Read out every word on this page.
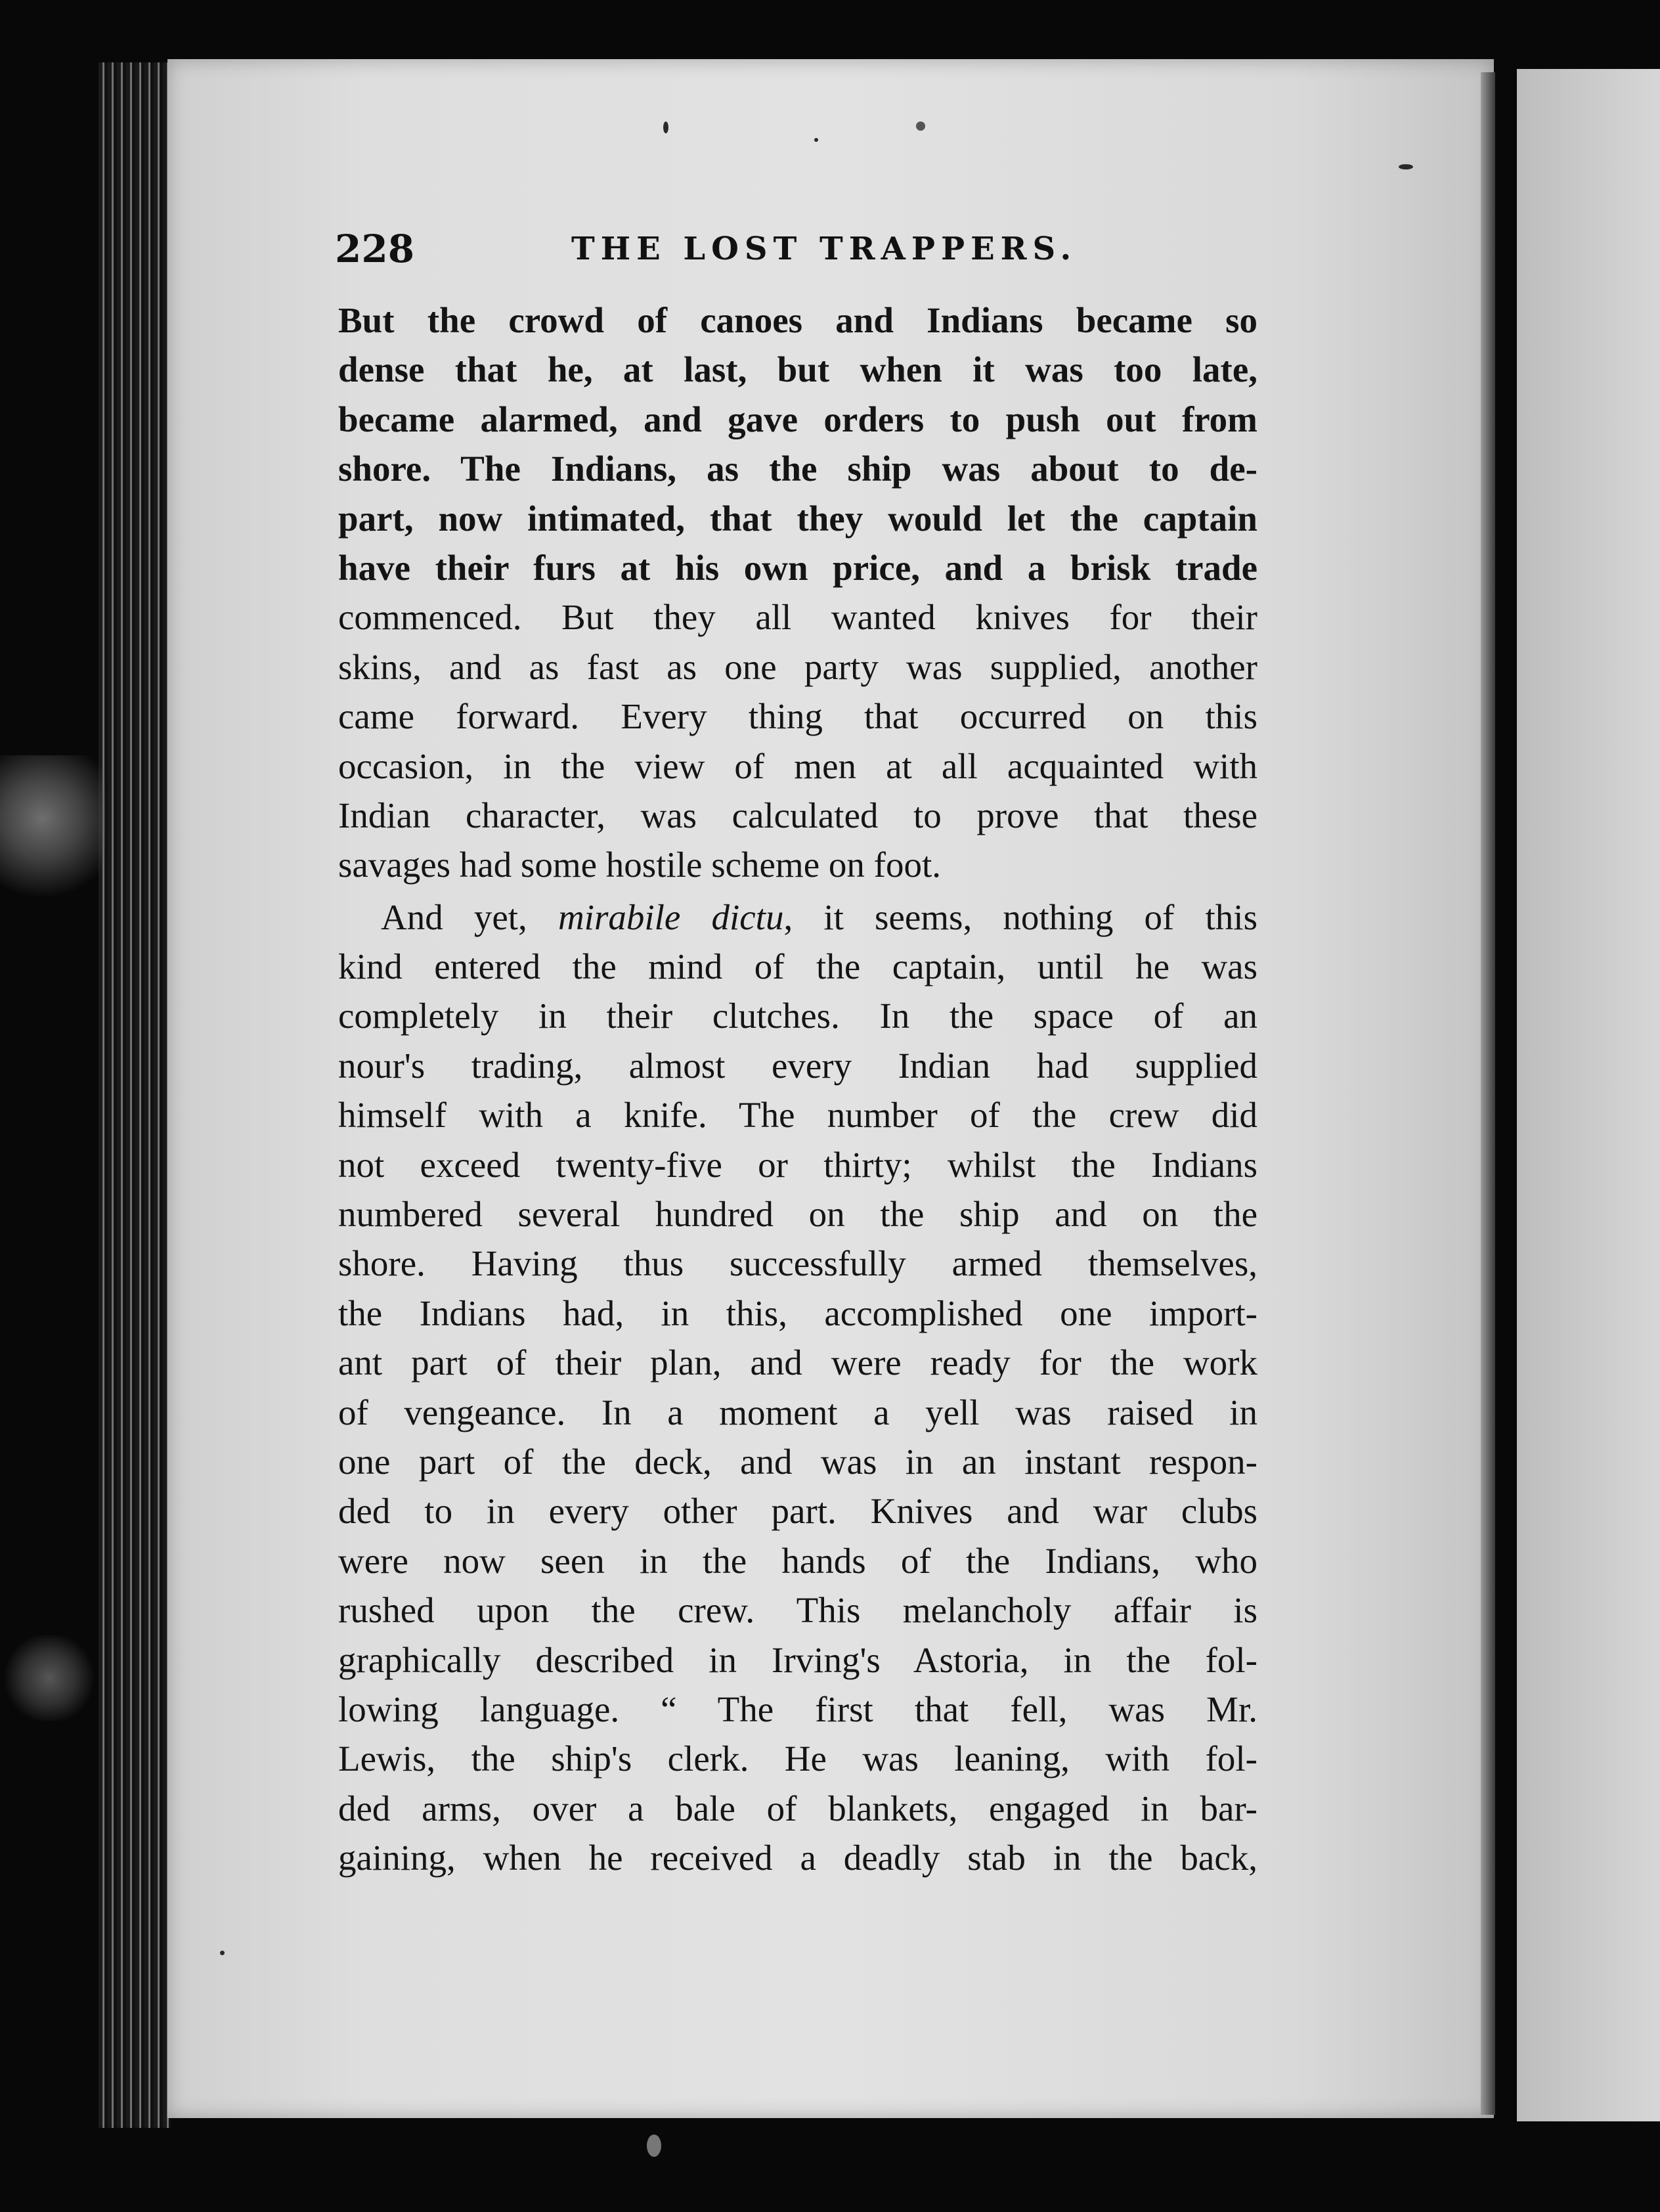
228	THE LOST TRAPPERS.
But the crowd of canoes and Indians became so
dense that he, at last, but when it was too late,
became alarmed, and gave orders to push out from
shore. The Indians, as the ship was about to de-
part, now intimated, that they would let the captain
have their furs at his own price, and a brisk trade
commenced. But they all wanted knives for their
skins, and as fast as one party was supplied, another
came forward. Every thing that occurred on this
occasion, in the view of men at all acquainted with
Indian character, was calculated to prove that these
savages had some hostile scheme on foot.
And yet, mirabile dictu, it seems, nothing of this
kind entered the mind of the captain, until he was
completely in their clutches. In the space of an
nour's trading, almost every Indian had supplied
himself with a knife. The number of the crew did
not exceed twenty-five or thirty; whilst the Indians
numbered several hundred on the ship and on the
shore. Having thus successfully armed themselves,
the Indians had, in this, accomplished one import-
ant part of their plan, and were ready for the work
of vengeance. In a moment a yell was raised in
one part of the deck, and was in an instant respon-
ded to in every other part. Knives and war clubs
were now seen in the hands of the Indians, who
rushed upon the crew. This melancholy affair is
graphically described in Irving's Astoria, in the fol-
lowing language. “ The first that fell, was Mr.
Lewis, the ship's clerk. He was leaning, with fol-
ded arms, over a bale of blankets, engaged in bar-
gaining, when he received a deadly stab in the back,
